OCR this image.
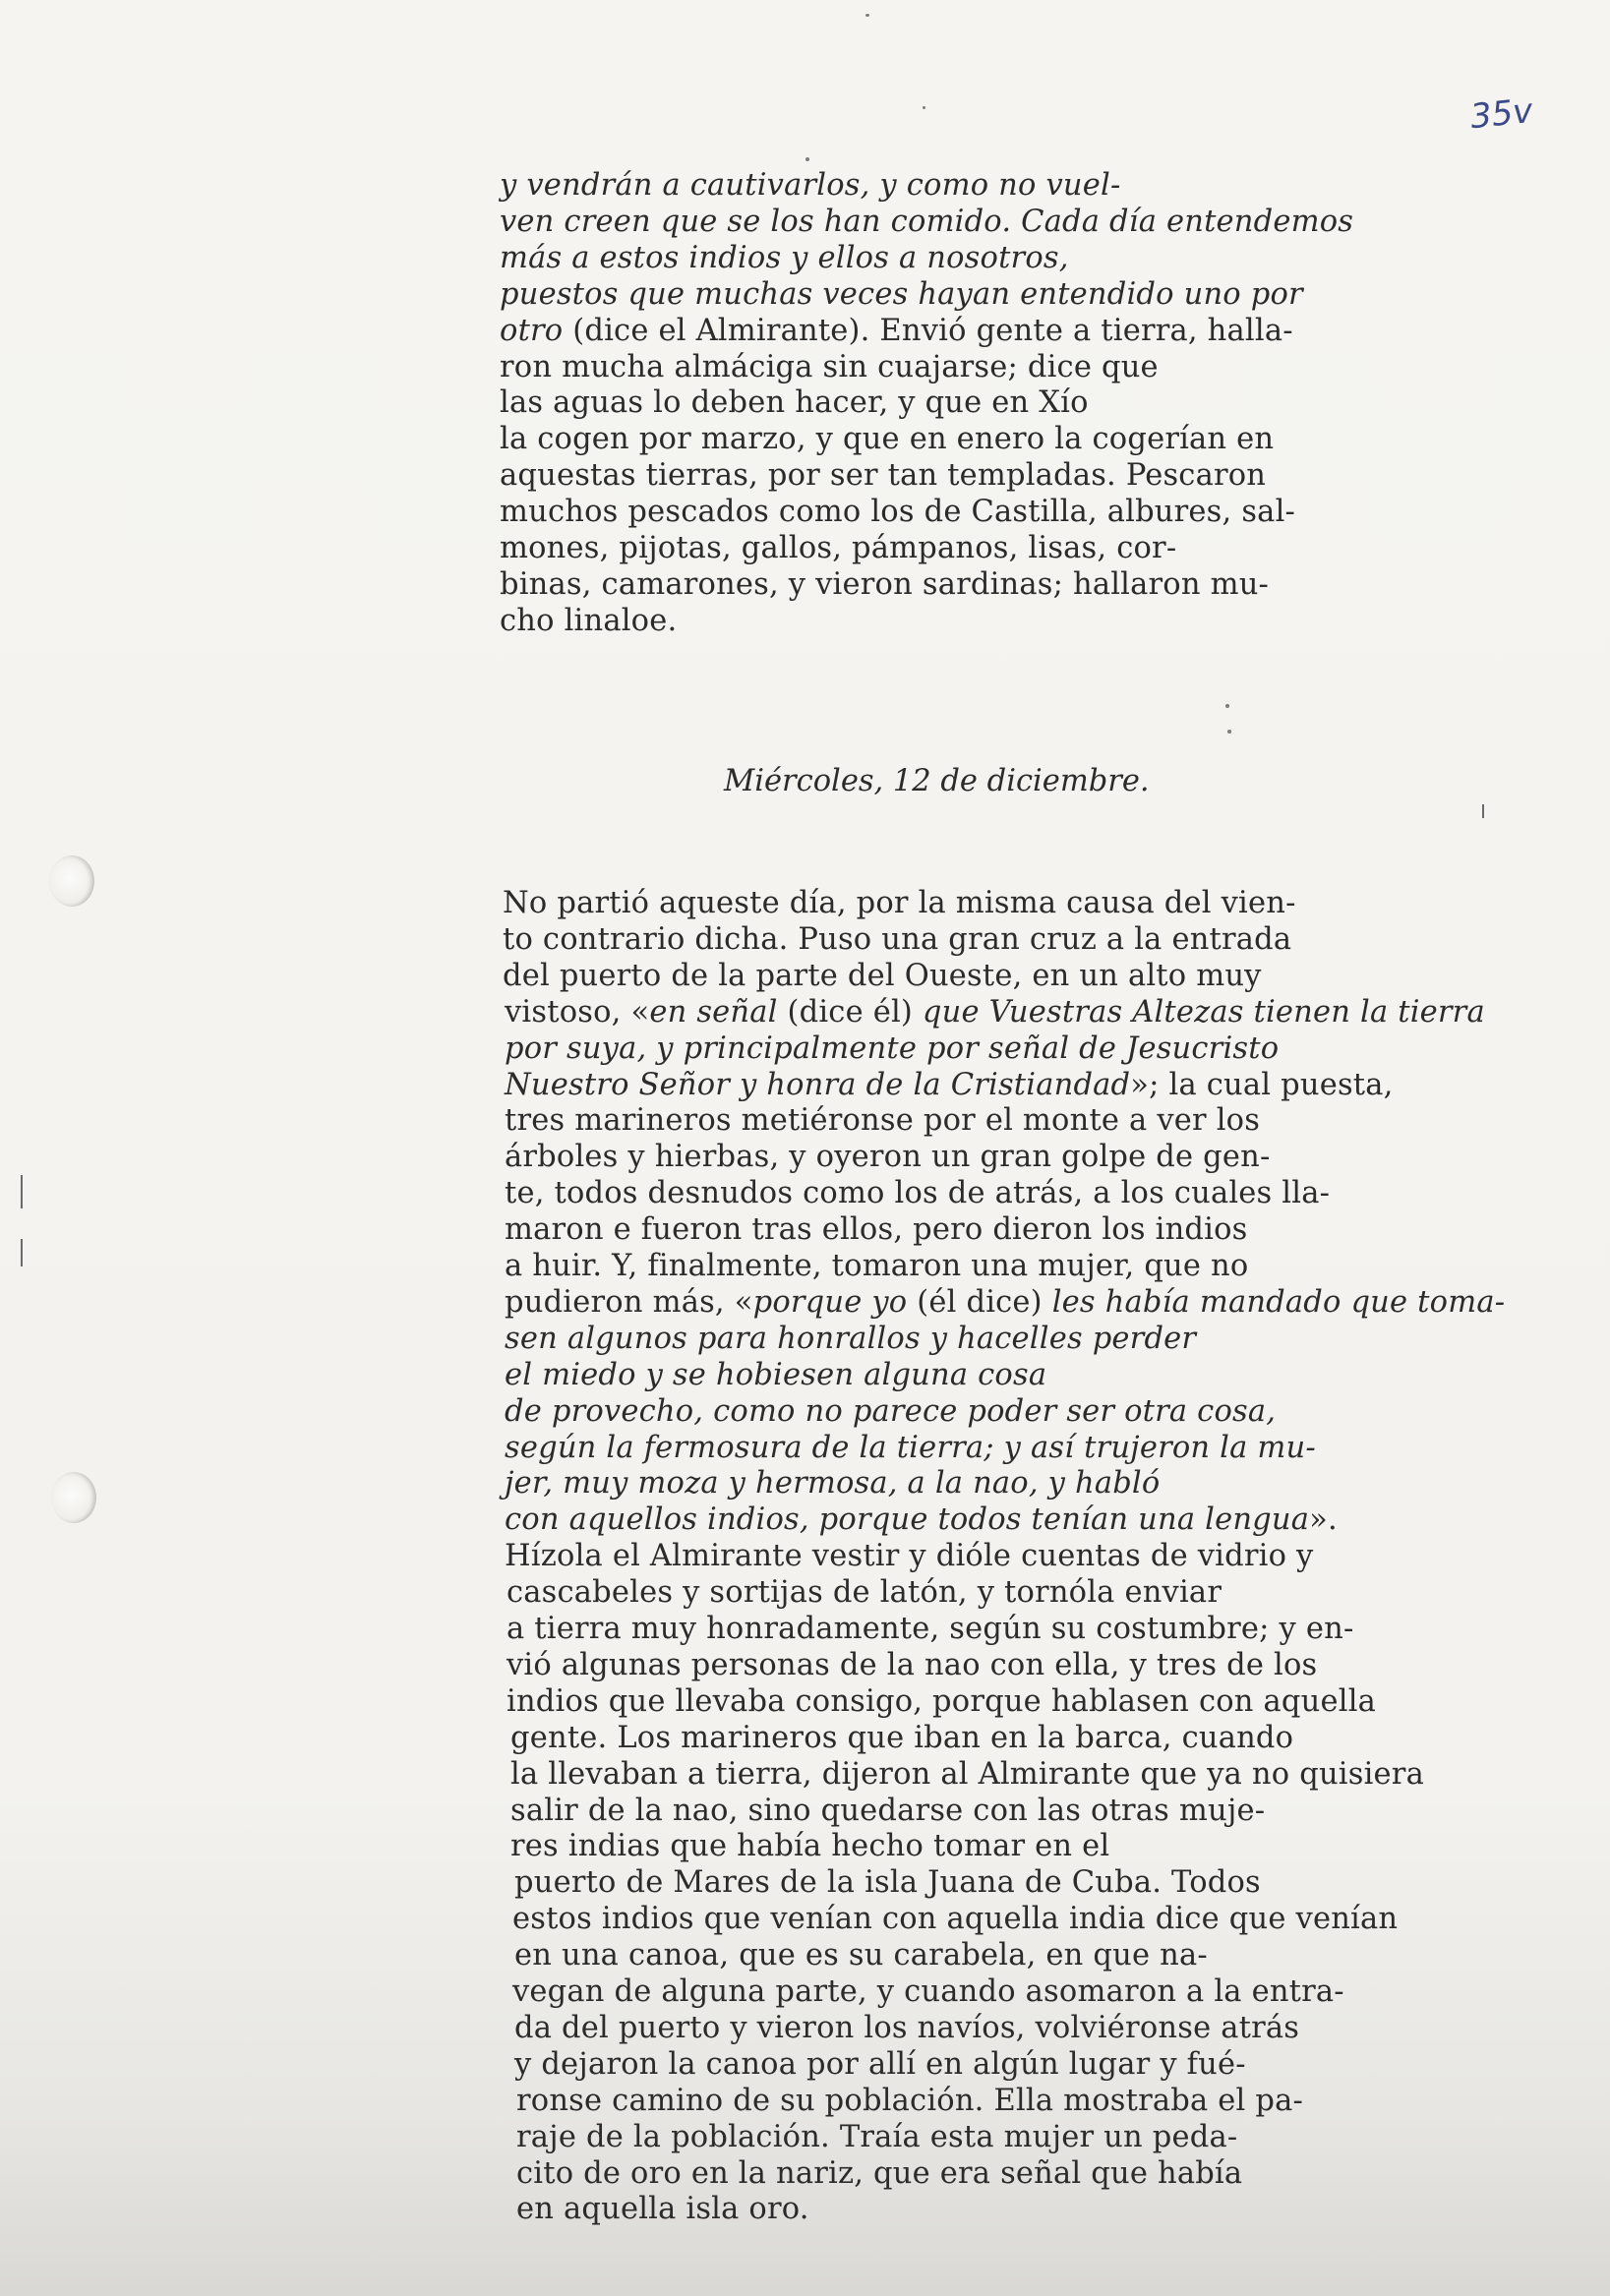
35v
y vendrán a cautivarlos, y como no vuel-
ven creen que se los han comido. Cada día entendemos
más a estos indios y ellos a nosotros,
puestos que muchas veces hayan entendido uno por
otro (dice el Almirante). Envió gente a tierra, halla-
ron mucha almáciga sin cuajarse; dice que
las aguas lo deben hacer, y que en Xío
la cogen por marzo, y que en enero la cogerían en
aquestas tierras, por ser tan templadas. Pescaron
muchos pescados como los de Castilla, albures, sal-
mones, pijotas, gallos, pámpanos, lisas, cor-
binas, camarones, y vieron sardinas; hallaron mu-
cho linaloe.
Miércoles, 12 de diciembre.
No partió aqueste día, por la misma causa del vien-
to contrario dicha. Puso una gran cruz a la entrada
del puerto de la parte del Oueste, en un alto muy
vistoso, «en señal (dice él) que Vuestras Altezas tienen la tierra
por suya, y principalmente por señal de Jesucristo
Nuestro Señor y honra de la Cristiandad»; la cual puesta,
tres marineros metiéronse por el monte a ver los
árboles y hierbas, y oyeron un gran golpe de gen-
te, todos desnudos como los de atrás, a los cuales lla-
maron e fueron tras ellos, pero dieron los indios
a huir. Y, finalmente, tomaron una mujer, que no
pudieron más, «porque yo (él dice) les había mandado que toma-
sen algunos para honrallos y hacelles perder
el miedo y se hobiesen alguna cosa
de provecho, como no parece poder ser otra cosa,
según la fermosura de la tierra; y así trujeron la mu-
jer, muy moza y hermosa, a la nao, y habló
con aquellos indios, porque todos tenían una lengua».
Hízola el Almirante vestir y dióle cuentas de vidrio y
cascabeles y sortijas de latón, y tornóla enviar
a tierra muy honradamente, según su costumbre; y en-
vió algunas personas de la nao con ella, y tres de los
indios que llevaba consigo, porque hablasen con aquella
gente. Los marineros que iban en la barca, cuando
la llevaban a tierra, dijeron al Almirante que ya no quisiera
salir de la nao, sino quedarse con las otras muje-
res indias que había hecho tomar en el
puerto de Mares de la isla Juana de Cuba. Todos
estos indios que venían con aquella india dice que venían
en una canoa, que es su carabela, en que na-
vegan de alguna parte, y cuando asomaron a la entra-
da del puerto y vieron los navíos, volviéronse atrás
y dejaron la canoa por allí en algún lugar y fué-
ronse camino de su población. Ella mostraba el pa-
raje de la población. Traía esta mujer un peda-
cito de oro en la nariz, que era señal que había
en aquella isla oro.
